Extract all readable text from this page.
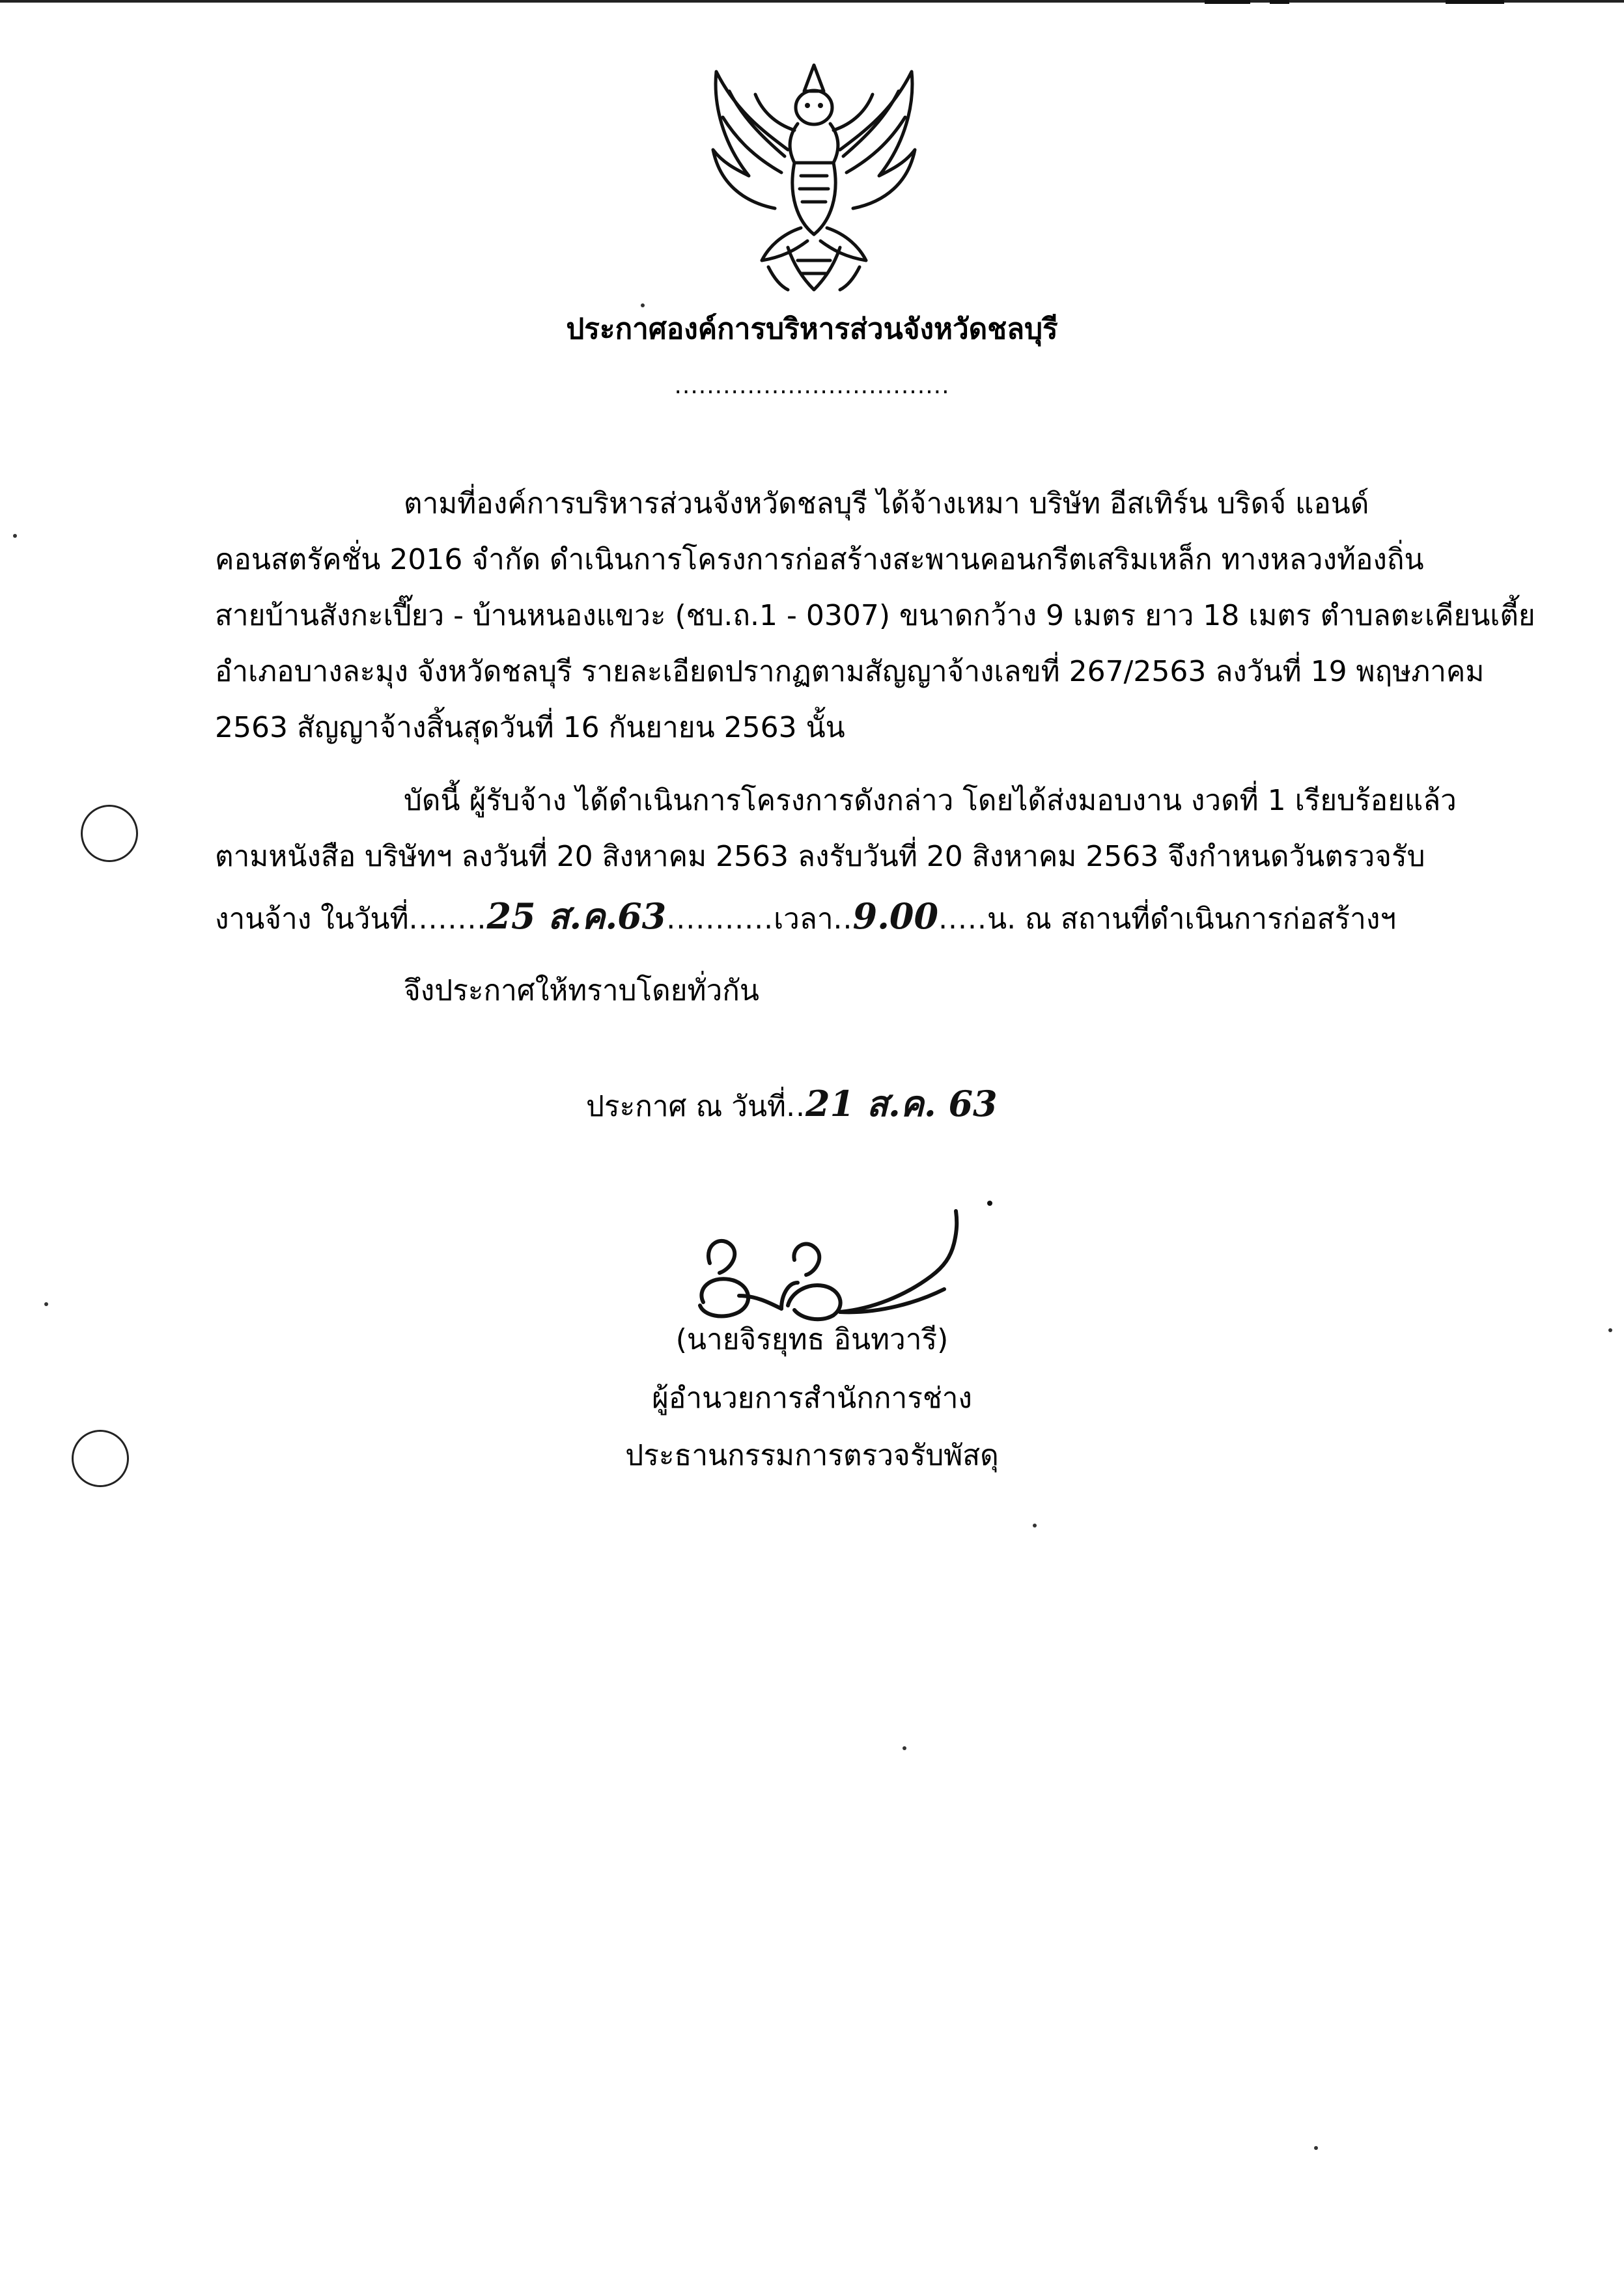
ประกาศองค์การบริหารส่วนจังหวัดชลบุรี
..................................
ตามที่องค์การบริหารส่วนจังหวัดชลบุรี ได้จ้างเหมา บริษัท อีสเทิร์น บริดจ์ แอนด์
คอนสตรัคชั่น 2016 จำกัด ดำเนินการโครงการก่อสร้างสะพานคอนกรีตเสริมเหล็ก ทางหลวงท้องถิ่น
สายบ้านสังกะเปี๊ยว - บ้านหนองแขวะ (ชบ.ถ.1 - 0307) ขนาดกว้าง 9 เมตร ยาว 18 เมตร ตำบลตะเคียนเตี้ย
อำเภอบางละมุง จังหวัดชลบุรี รายละเอียดปรากฏตามสัญญาจ้างเลขที่ 267/2563 ลงวันที่ 19 พฤษภาคม
2563 สัญญาจ้างสิ้นสุดวันที่ 16 กันยายน 2563 นั้น
บัดนี้ ผู้รับจ้าง ได้ดำเนินการโครงการดังกล่าว โดยได้ส่งมอบงาน งวดที่ 1 เรียบร้อยแล้ว
ตามหนังสือ บริษัทฯ ลงวันที่ 20 สิงหาคม 2563 ลงรับวันที่ 20 สิงหาคม 2563 จึงกำหนดวันตรวจรับ
งานจ้าง ในวันที่........25 ส.ค.63...........เวลา..9.00.....น. ณ สถานที่ดำเนินการก่อสร้างฯ
จึงประกาศให้ทราบโดยทั่วกัน
ประกาศ ณ วันที่..21 ส.ค. 63
(นายจิรยุทธ อินทวารี)
ผู้อำนวยการสำนักการช่าง
ประธานกรรมการตรวจรับพัสดุ
